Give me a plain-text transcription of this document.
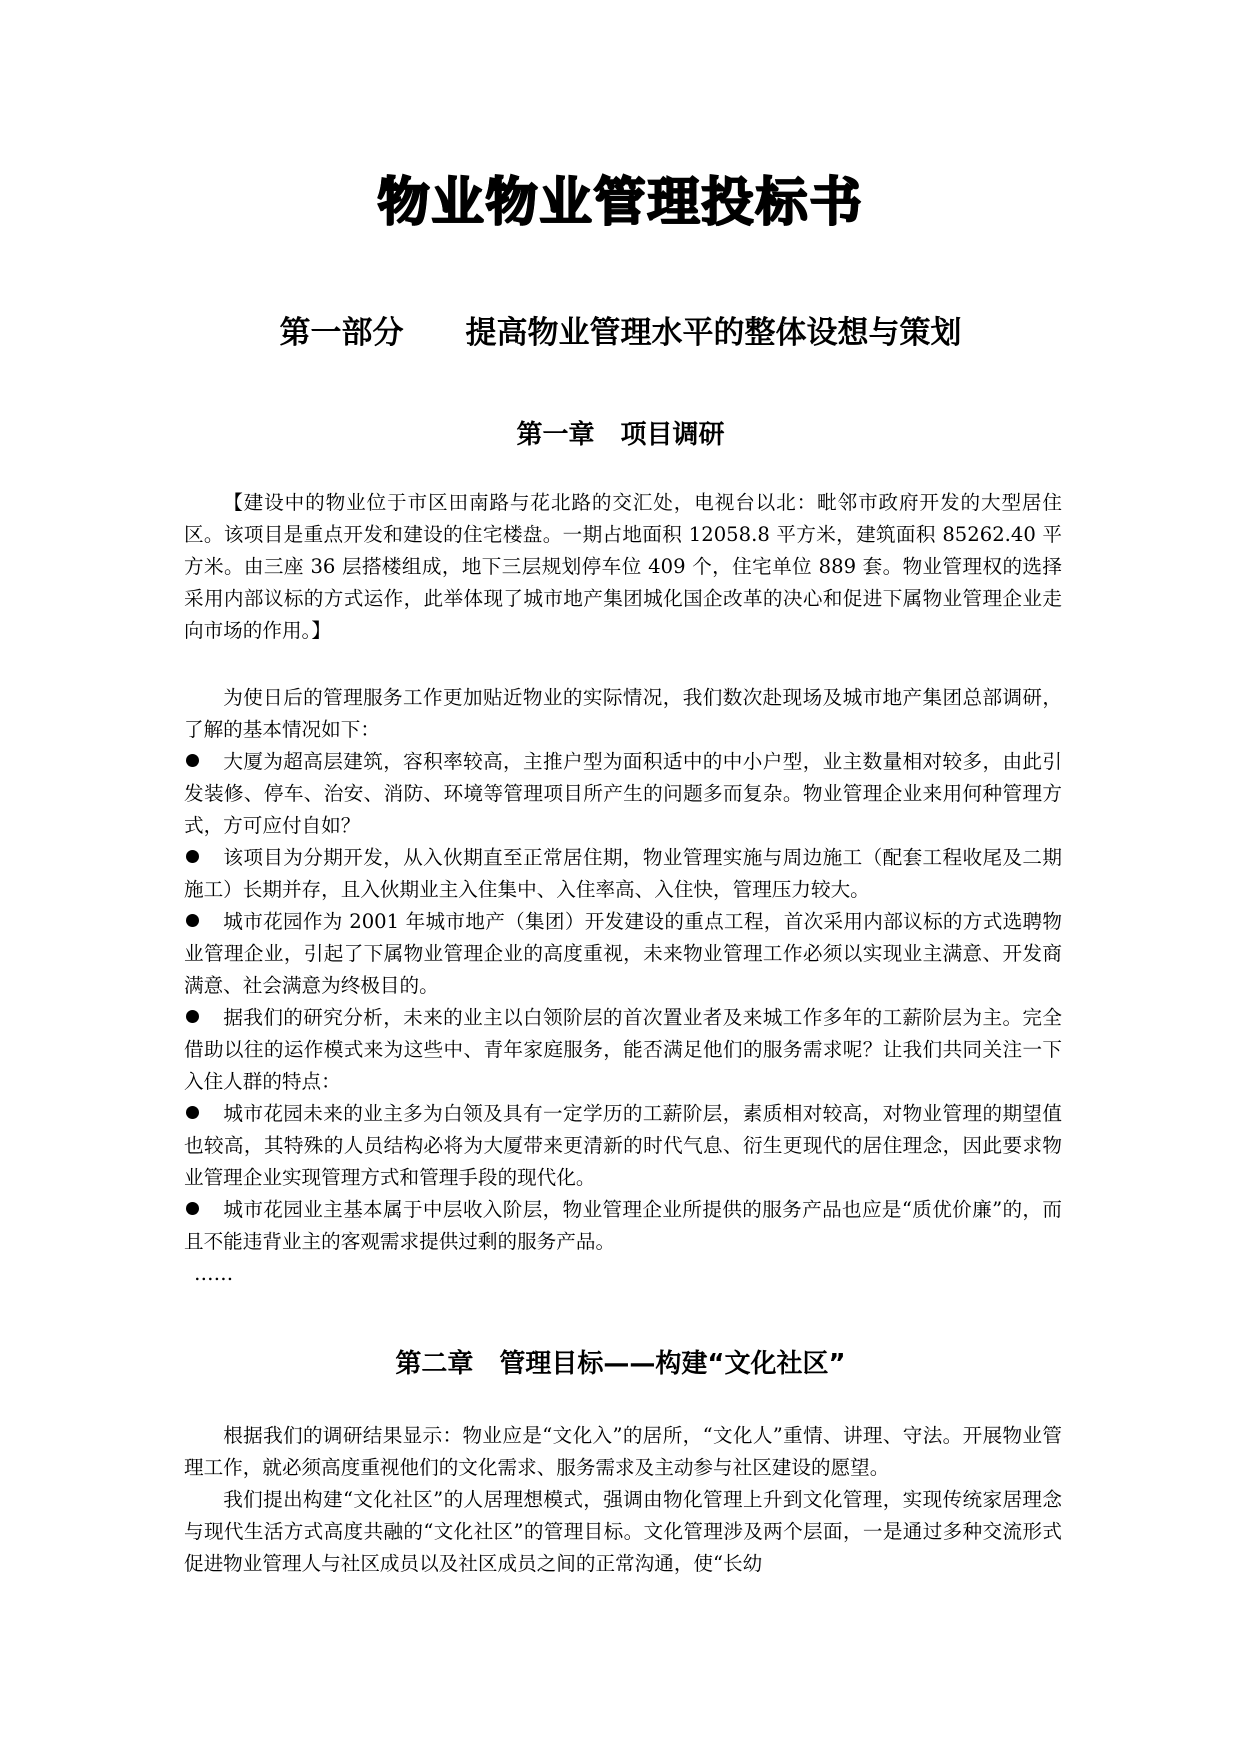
物业物业管理投标书
第一部分　　提高物业管理水平的整体设想与策划
第一章　项目调研

【建设中的物业位于市区田南路与花北路的交汇处，电视台以北：毗邻市政府开发的大型居住区。该项目是重点开发和建设的住宅楼盘。一期占地面积 12058.8 平方米，建筑面积 85262.40 平方米。由三座 36 层搭楼组成，地下三层规划停车位 409 个，住宅单位 889 套。物业管理权的选择采用内部议标的方式运作，此举体现了城市地产集团城化国企改革的决心和促进下属物业管理企业走向市场的作用。】

为使日后的管理服务工作更加贴近物业的实际情况，我们数次赴现场及城市地产集团总部调研，了解的基本情况如下：

大厦为超高层建筑，容积率较高，主推户型为面积适中的中小户型，业主数量相对较多，由此引发装修、停车、治安、消防、环境等管理项目所产生的问题多而复杂。物业管理企业来用何种管理方式，方可应付自如？
该项目为分期开发，从入伙期直至正常居住期，物业管理实施与周边施工（配套工程收尾及二期施工）长期并存，且入伙期业主入住集中、入住率高、入住快，管理压力较大。
城市花园作为 2001 年城市地产（集团）开发建设的重点工程，首次采用内部议标的方式选聘物业管理企业，引起了下属物业管理企业的高度重视，未来物业管理工作必须以实现业主满意、开发商满意、社会满意为终极目的。
据我们的研究分析，未来的业主以白领阶层的首次置业者及来城工作多年的工薪阶层为主。完全借助以往的运作模式来为这些中、青年家庭服务，能否满足他们的服务需求呢？让我们共同关注一下入住人群的特点：
城市花园未来的业主多为白领及具有一定学历的工薪阶层，素质相对较高，对物业管理的期望值也较高，其特殊的人员结构必将为大厦带来更清新的时代气息、衍生更现代的居住理念，因此要求物业管理企业实现管理方式和管理手段的现代化。
城市花园业主基本属于中层收入阶层，物业管理企业所提供的服务产品也应是“质优价廉”的，而且不能违背业主的客观需求提供过剩的服务产品。
……
第二章　管理目标——构建“文化社区”

根据我们的调研结果显示：物业应是“文化入”的居所，“文化人”重情、讲理、守法。开展物业管理工作，就必须高度重视他们的文化需求、服务需求及主动参与社区建设的愿望。

我们提出构建“文化社区”的人居理想模式，强调由物化管理上升到文化管理，实现传统家居理念与现代生活方式高度共融的“文化社区”的管理目标。文化管理涉及两个层面，一是通过多种交流形式促进物业管理人与社区成员以及社区成员之间的正常沟通，使“长幼
